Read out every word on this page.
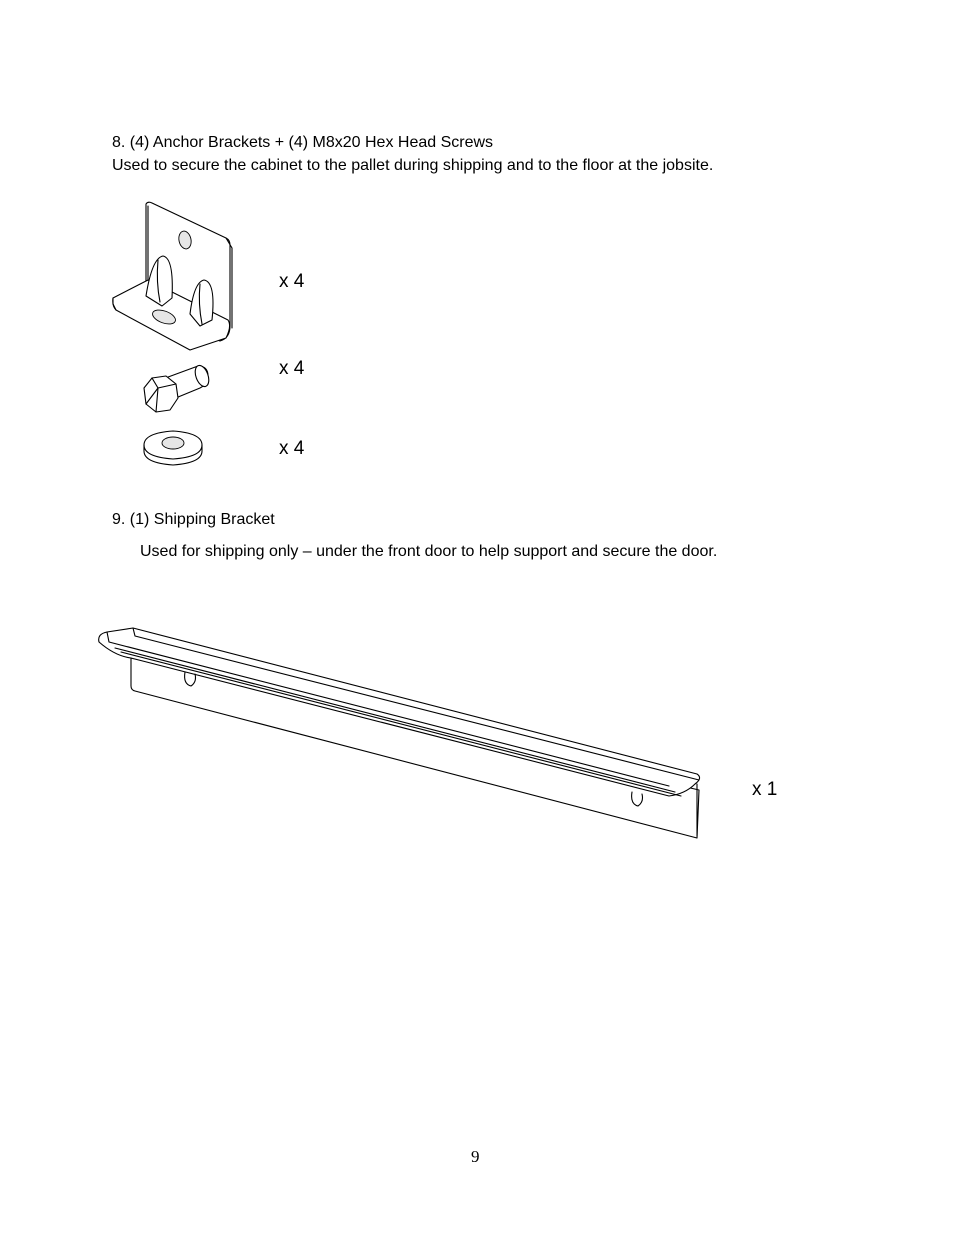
8. (4) Anchor Brackets + (4) M8x20 Hex Head Screws
Used to secure the cabinet to the pallet during shipping and to the floor at the jobsite.
x 4
x 4
x 4
9. (1) Shipping Bracket
Used for shipping only – under the front door to help support and secure the door.
x 1
9
